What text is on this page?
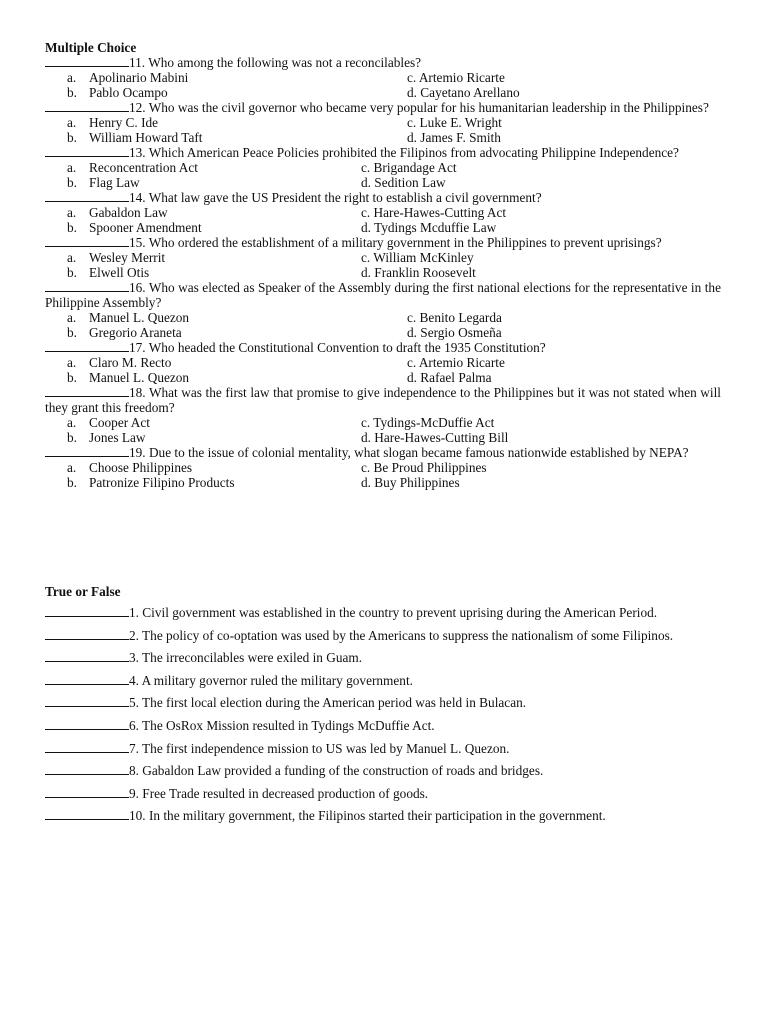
Multiple Choice
11. Who among the following was not a reconcilables?
a. Apolinario Mabini	c. Artemio Ricarte
b. Pablo Ocampo	d. Cayetano Arellano
12. Who was the civil governor who became very popular for his humanitarian leadership in the Philippines?
a. Henry C. Ide	c. Luke E. Wright
b. William Howard Taft	d. James F. Smith
13. Which American Peace Policies prohibited the Filipinos from advocating Philippine Independence?
a. Reconcentration Act	c. Brigandage Act
b. Flag Law	d. Sedition Law
14. What law gave the US President the right to establish a civil government?
a. Gabaldon Law	c. Hare-Hawes-Cutting Act
b. Spooner Amendment	d. Tydings Mcduffie Law
15. Who ordered the establishment of a military government in the Philippines to prevent uprisings?
a. Wesley Merrit	c. William McKinley
b. Elwell Otis	d. Franklin Roosevelt
16. Who was elected as Speaker of the Assembly during the first national elections for the representative in the Philippine Assembly?
a. Manuel L. Quezon	c. Benito Legarda
b. Gregorio Araneta	d. Sergio Osmeña
17. Who headed the Constitutional Convention to draft the 1935 Constitution?
a. Claro M. Recto	c. Artemio Ricarte
b. Manuel L. Quezon	d. Rafael Palma
18. What was the first law that promise to give independence to the Philippines but it was not stated when will they grant this freedom?
a. Cooper Act	c. Tydings-McDuffie Act
b. Jones Law	d. Hare-Hawes-Cutting Bill
19. Due to the issue of colonial mentality, what slogan became famous nationwide established by NEPA?
a. Choose Philippines	c. Be Proud Philippines
b. Patronize Filipino Products	d. Buy Philippines
True or False
1. Civil government was established in the country to prevent uprising during the American Period.
2. The policy of co-optation was used by the Americans to suppress the nationalism of some Filipinos.
3. The irreconcilables were exiled in Guam.
4. A military governor ruled the military government.
5. The first local election during the American period was held in Bulacan.
6. The OsRox Mission resulted in Tydings McDuffie Act.
7. The first independence mission to US was led by Manuel L. Quezon.
8. Gabaldon Law provided a funding of the construction of roads and bridges.
9. Free Trade resulted in decreased production of goods.
10. In the military government, the Filipinos started their participation in the government.
